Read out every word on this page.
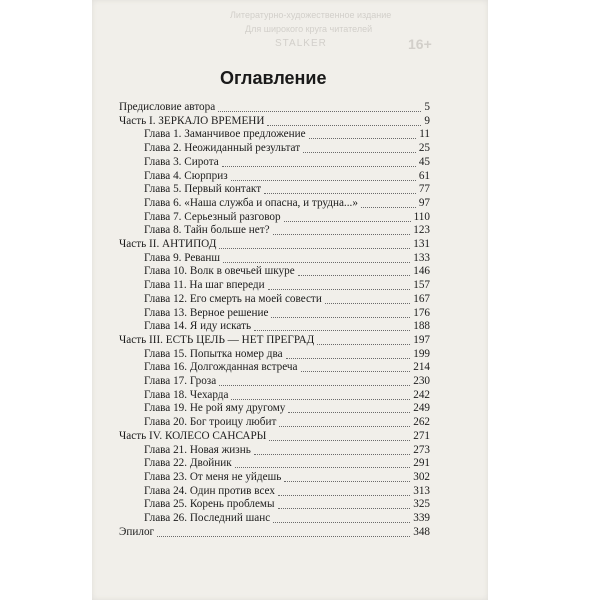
Литературно-художественное издание
Для широкого круга читателей
STALKER	16+
Оглавление
Предисловие автора	5
Часть I. ЗЕРКАЛО ВРЕМЕНИ	9
Глава 1. Заманчивое предложение	11
Глава 2. Неожиданный результат	25
Глава 3. Сирота	45
Глава 4. Сюрприз	61
Глава 5. Первый контакт	77
Глава 6. «Наша служба и опасна, и трудна...»	97
Глава 7. Серьезный разговор	110
Глава 8. Тайн больше нет?	123
Часть II. АНТИПОД	131
Глава 9. Реванш	133
Глава 10. Волк в овечьей шкуре	146
Глава 11. На шаг впереди	157
Глава 12. Его смерть на моей совести	167
Глава 13. Верное решение	176
Глава 14. Я иду искать	188
Часть III. ЕСТЬ ЦЕЛЬ — НЕТ ПРЕГРАД	197
Глава 15. Попытка номер два	199
Глава 16. Долгожданная встреча	214
Глава 17. Гроза	230
Глава 18. Чехарда	242
Глава 19. Не рой яму другому	249
Глава 20. Бог троицу любит	262
Часть IV. КОЛЕСО САНСАРЫ	271
Глава 21. Новая жизнь	273
Глава 22. Двойник	291
Глава 23. От меня не уйдешь	302
Глава 24. Один против всех	313
Глава 25. Корень проблемы	325
Глава 26. Последний шанс	339
Эпилог	348
